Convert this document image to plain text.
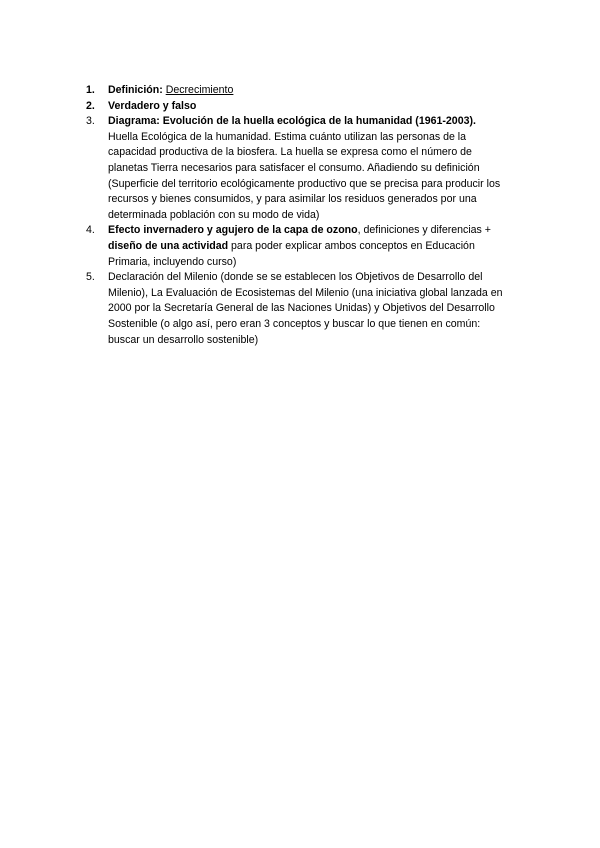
1.	Definición: Decrecimiento
2.	Verdadero y falso
3.	Diagrama: Evolución de la huella ecológica de la humanidad (1961-2003).
Huella Ecológica de la humanidad. Estima cuánto utilizan las personas de la
capacidad productiva de la biosfera. La huella se expresa como el número de
planetas Tierra necesarios para satisfacer el consumo. Añadiendo su definición
(Superficie del territorio ecológicamente productivo que se precisa para producir los
recursos y bienes consumidos, y para asimilar los residuos generados por una
determinada población con su modo de vida)
4.	Efecto invernadero y agujero de la capa de ozono, definiciones y diferencias +
diseño de una actividad para poder explicar ambos conceptos en Educación
Primaria, incluyendo curso)
5.	Declaración del Milenio (donde se se establecen los Objetivos de Desarrollo del
Milenio), La Evaluación de Ecosistemas del Milenio (una iniciativa global lanzada en
2000 por la Secretaría General de las Naciones Unidas) y Objetivos del Desarrollo
Sostenible (o algo así, pero eran 3 conceptos y buscar lo que tienen en común:
buscar un desarrollo sostenible)
